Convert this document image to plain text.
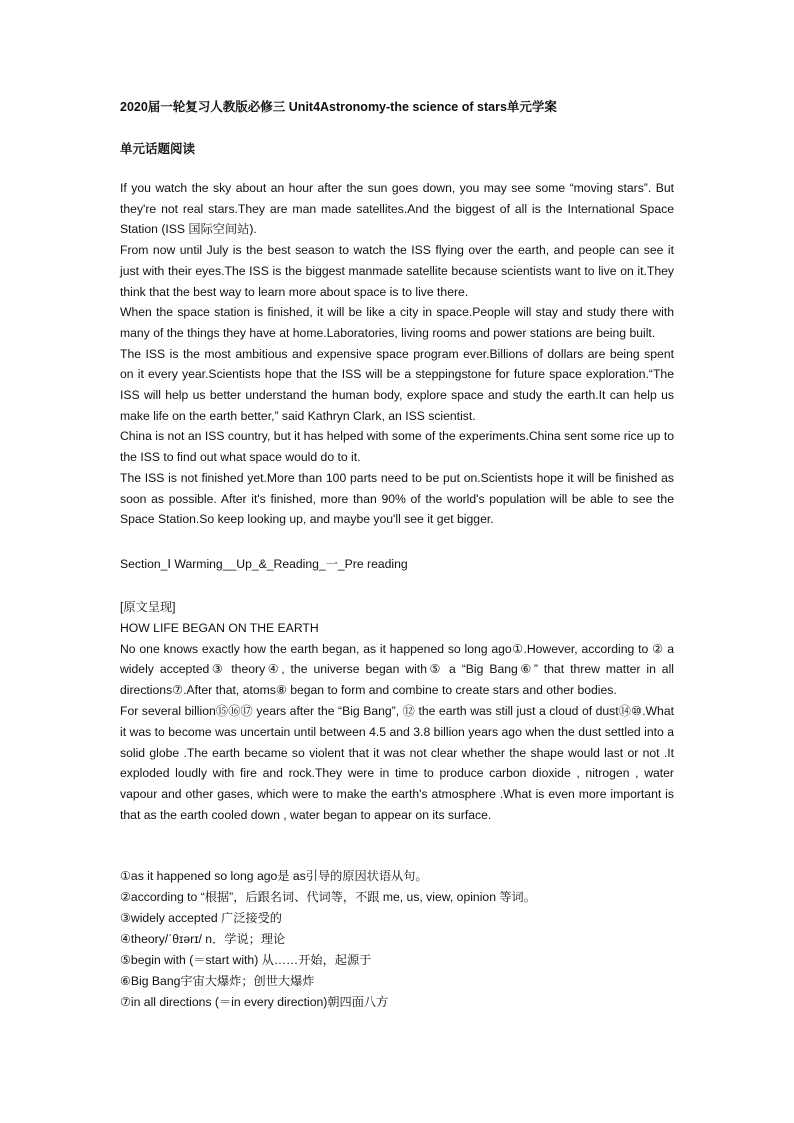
2020届一轮复习人教版必修三 Unit4Astronomy-the science of stars单元学案
单元话题阅读

If you watch the sky about an hour after the sun goes down, you may see some “moving stars”. But they're not real stars.They are man made satellites.And the biggest of all is the International Space Station (ISS 国际空间站).

From now until July is the best season to watch the ISS flying over the earth, and people can see it just with their eyes.The ISS is the biggest manmade satellite because scientists want to live on it.They think that the best way to learn more about space is to live there.

When the space station is finished, it will be like a city in space.People will stay and study there with many of the things they have at home.Laboratories, living rooms and power stations are being built.

The ISS is the most ambitious and expensive space program ever.Billions of dollars are being spent on it every year.Scientists hope that the ISS will be a steppingstone for future space exploration.“The ISS will help us better understand the human body, explore space and study the earth.It can help us make life on the earth better,” said Kathryn Clark, an ISS scientist.

China is not an ISS country, but it has helped with some of the experiments.China sent some rice up to the ISS to find out what space would do to it.

The ISS is not finished yet.More than 100 parts need to be put on.Scientists hope it will be finished as soon as possible. After it's finished, more than 90% of the world's population will be able to see the Space Station.So keep looking up, and maybe you'll see it get bigger.

Section_Ⅰ Warming__Up_&_Reading_一_Pre reading

[原文呈现]

HOW LIFE BEGAN ON THE EARTH

No one knows exactly how the earth began, as it happened so long ago①.However, according to ② a widely accepted③ theory④, the universe began with⑤ a “Big Bang⑥” that threw matter in all directions⑦.After that, atoms⑧ began to form and combine to create stars and other bodies.

For several billion⑮⑯⑰ years after the “Big Bang”, ⑫ the earth was still just a cloud of dust⑭⑩.What it was to become was uncertain until between 4.5 and 3.8 billion years ago when the dust settled into a solid globe .The earth became so violent that it was not clear whether the shape would last or not .It exploded loudly with fire and rock.They were in time to produce carbon dioxide , nitrogen , water vapour and other gases, which were to make the earth's atmosphere .What is even more important is that as the earth cooled down , water began to appear on its surface.

①as it happened so long ago是 as引导的原因状语从句。

②according to “根据”，后跟名词、代词等，不跟 me, us, view, opinion 等词。

③widely accepted 广泛接受的

④theory/ˈθɪərɪ/ n．学说；理论

⑤begin with (＝start with) 从……开始，起源于

⑥Big Bang宇宙大爆炸；创世大爆炸

⑦in all directions (＝in every direction)朝四面八方
